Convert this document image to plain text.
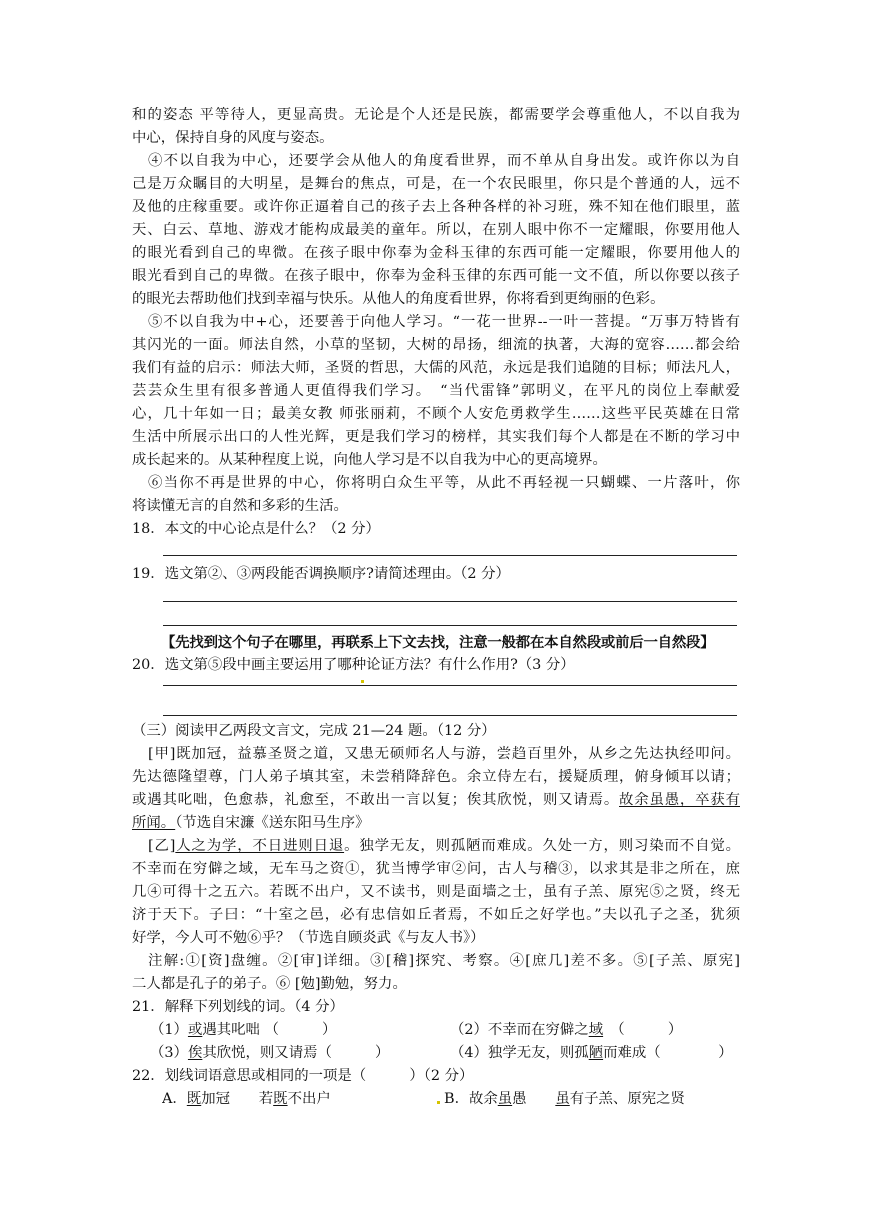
和的姿态 平等待人，更显高贵。无论是个人还是民族，都需要学会尊重他人，不以自我为
中心，保持自身的风度与姿态。
④不以自我为中心，还要学会从他人的角度看世界，而不单从自身出发。或许你以为自
己是万众瞩目的大明星，是舞台的焦点，可是，在一个农民眼里，你只是个普通的人，远不
及他的庄稼重要。或许你正逼着自己的孩子去上各种各样的补习班，殊不知在他们眼里，蓝
天、白云、草地、游戏才能构成最美的童年。所以，在别人眼中你不一定耀眼，你要用他人
的眼光看到自己的卑微。在孩子眼中你奉为金科玉律的东西可能一定耀眼，你要用他人的
眼光看到自己的卑微。在孩子眼中，你奉为金科玉律的东西可能一文不值，所以你要以孩子
的眼光去帮助他们找到幸福与快乐。从他人的角度看世界，你将看到更绚丽的色彩。
⑤不以自我为中+心，还要善于向他人学习。“一花一世界--一叶一菩提。“万事万特皆有
其闪光的一面。师法自然，小草的坚韧，大树的昂扬，细流的执著，大海的宽容……都会给
我们有益的启示：师法大师，圣贤的哲思，大儒的风范，永远是我们追随的目标；师法凡人，
芸芸众生里有很多普通人更值得我们学习。　“当代雷锋”郭明义，在平凡的岗位上奉献爱
心，几十年如一日；最美女教 师张丽莉，不顾个人安危勇救学生……这些平民英雄在日常
生活中所展示出口的人性光辉，更是我们学习的榜样，其实我们每个人都是在不断的学习中
成长起来的。从某种程度上说，向他人学习是不以自我为中心的更高境界。
⑥当你不再是世界的中心，你将明白众生平等，从此不再轻视一只蝴蝶、一片落叶，你
将读懂无言的自然和多彩的生活。
18．本文的中心论点是什么？（2 分）
19．选文第②、③两段能否调换顺序?请简述理由。（2 分）
【先找到这个句子在哪里，再联系上下文去找，注意一般都在本自然段或前后一自然段】
20．选文第⑤段中画主要运用了哪种论证方法？有什么作用?（3 分）
（三）阅读甲乙两段文言文，完成 21—24 题。（12 分）
[甲]既加冠，益慕圣贤之道，又患无硕师名人与游，尝趋百里外，从乡之先达执经叩问。
先达德隆望尊，门人弟子填其室，未尝稍降辞色。余立侍左右，援疑质理，俯身倾耳以请；
或遇其叱咄，色愈恭，礼愈至，不敢出一言以复；俟其欣悦，则又请焉。故余虽愚，卒获有
所闻。（节选自宋濂《送东阳马生序》
[乙]人之为学，不日进则日退。独学无友，则孤陋而难成。久处一方，则习染而不自觉。
不幸而在穷僻之域，无车马之资①，犹当博学审②问，古人与稽③，以求其是非之所在，庶
几④可得十之五六。若既不出户，又不读书，则是面墙之士，虽有子羔、原宪⑤之贤，终无
济于天下。子曰：“十室之邑，必有忠信如丘者焉，不如丘之好学也。”夫以孔子之圣，犹须
好学，今人可不勉⑥乎？（节选自顾炎武《与友人书》）
注解:①[资]盘缠。②[审]详细。③[稽]探究、考察。④[庶几]差不多。⑤[子羔、原宪]
二人都是孔子的弟子。⑥ [勉]勤勉，努力。
21．解释下列划线的词。（4 分）
（1）或遇其叱咄 （　　　）	（2）不幸而在穷僻之域　（　　　）
（3）俟其欣悦，则又请焉（　　　）	（4）独学无友，则孤陋而难成（　　　　）
22．划线词语意思或相同的一项是（　　　）（2 分）
A．既加冠　　若既不出户	B．故余虽愚　　虽有子羔、原宪之贤
